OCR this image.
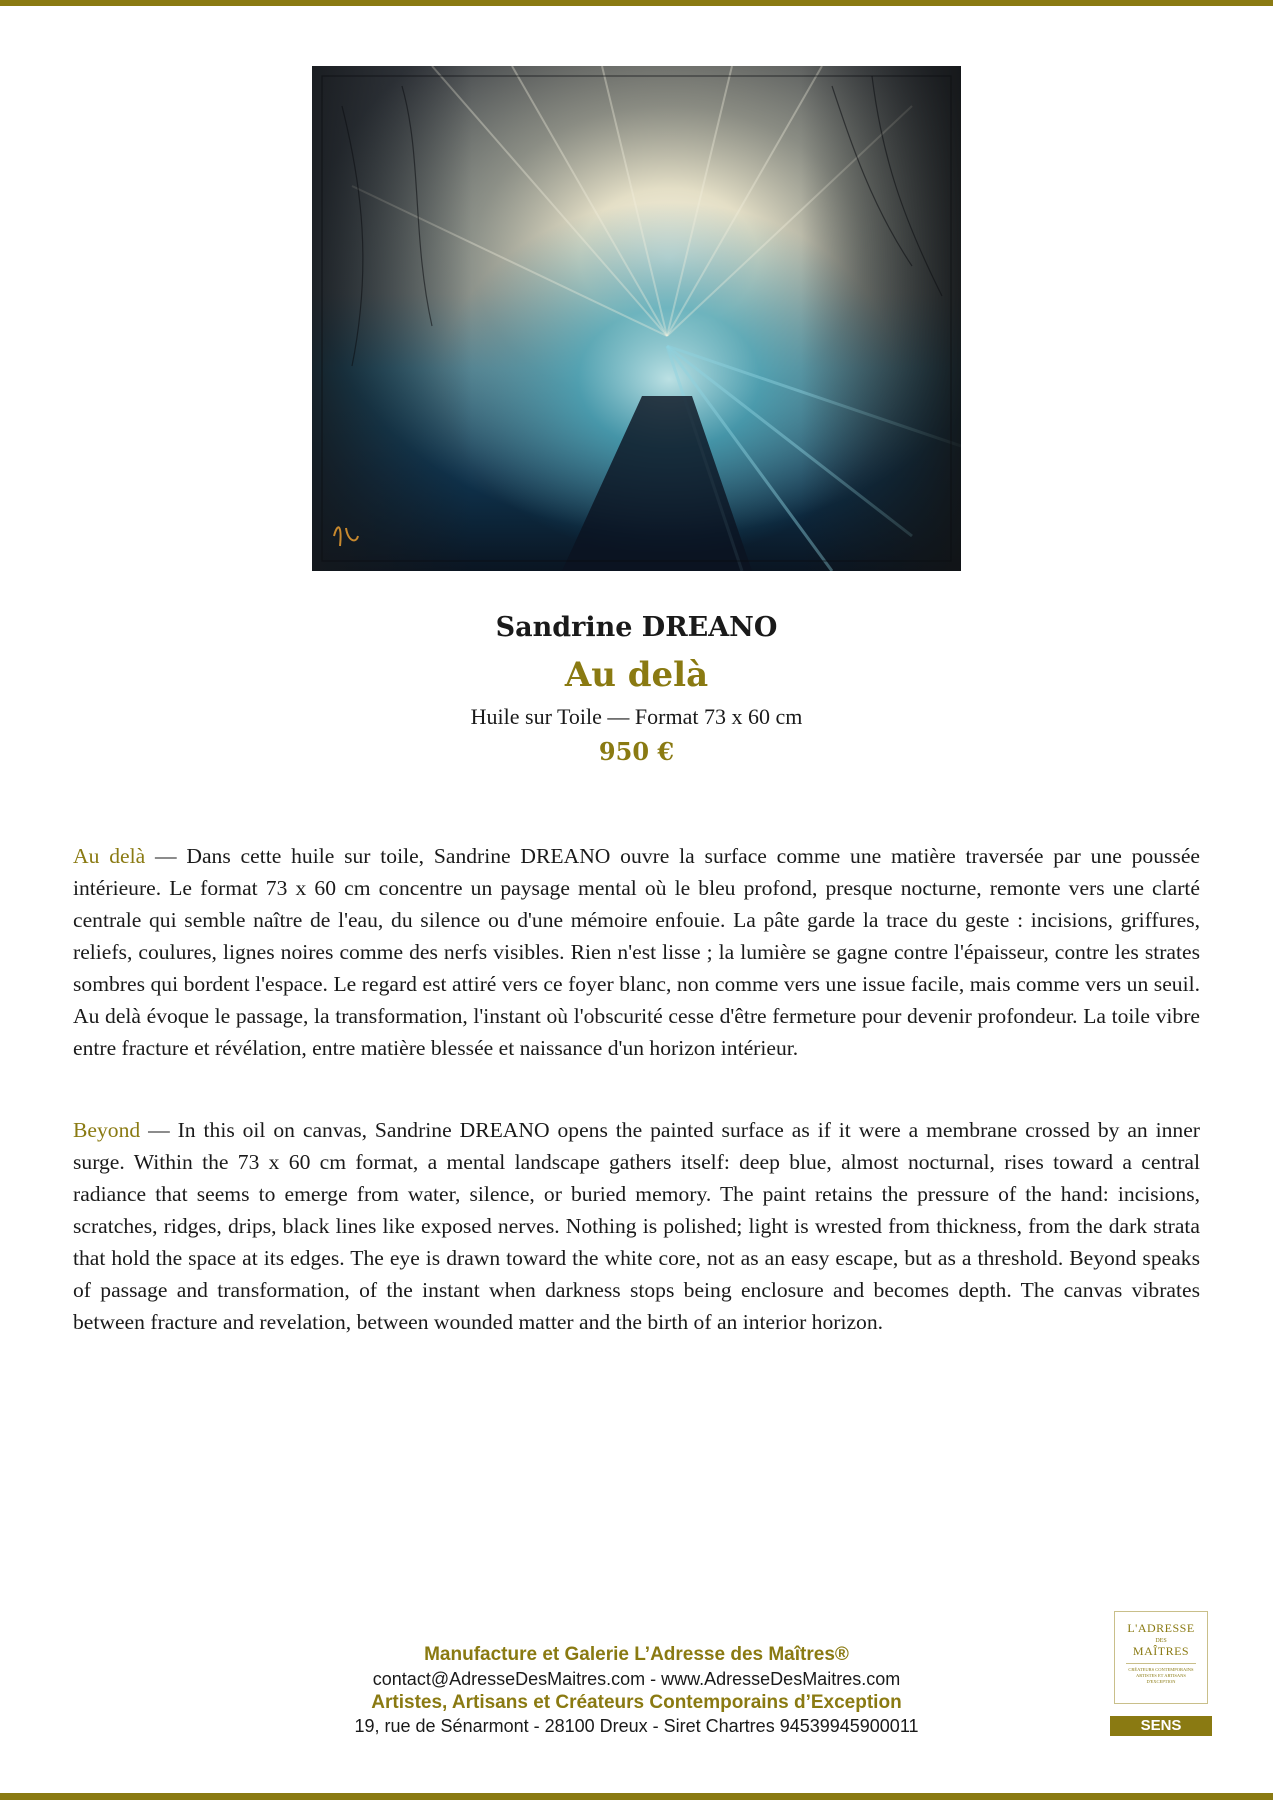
Sandrine DREANO
Au delà
Huile sur Toile — Format 73 x 60 cm
950 €

Au delà — Dans cette huile sur toile, Sandrine DREANO ouvre la surface comme une matière traversée par une poussée intérieure. Le format 73 x 60 cm concentre un paysage mental où le bleu profond, presque nocturne, remonte vers une clarté centrale qui semble naître de l'eau, du silence ou d'une mémoire enfouie. La pâte garde la trace du geste : incisions, griffures, reliefs, coulures, lignes noires comme des nerfs visibles. Rien n'est lisse ; la lumière se gagne contre l'épaisseur, contre les strates sombres qui bordent l'espace. Le regard est attiré vers ce foyer blanc, non comme vers une issue facile, mais comme vers un seuil. Au delà évoque le passage, la transformation, l'instant où l'obscurité cesse d'être fermeture pour devenir profondeur. La toile vibre entre fracture et révélation, entre matière blessée et naissance d'un horizon intérieur.

Beyond — In this oil on canvas, Sandrine DREANO opens the painted surface as if it were a membrane crossed by an inner surge. Within the 73 x 60 cm format, a mental landscape gathers itself: deep blue, almost nocturnal, rises toward a central radiance that seems to emerge from water, silence, or buried memory. The paint retains the pressure of the hand: incisions, scratches, ridges, drips, black lines like exposed nerves. Nothing is polished; light is wrested from thickness, from the dark strata that hold the space at its edges. The eye is drawn toward the white core, not as an easy escape, but as a threshold. Beyond speaks of passage and transformation, of the instant when darkness stops being enclosure and becomes depth. The canvas vibrates between fracture and revelation, between wounded matter and the birth of an interior horizon.

Manufacture et Galerie L’Adresse des Maîtres®
contact@AdresseDesMaitres.com - www.AdresseDesMaitres.com
Artistes, Artisans et Créateurs Contemporains d’Exception
19, rue de Sénarmont - 28100 Dreux - Siret Chartres 94539945900011
L'ADRESSE
DES
MAÎTRES
CRÉATEURS CONTEMPORAINS ARTISTES ET ARTISANS D'EXCEPTION
SENS
